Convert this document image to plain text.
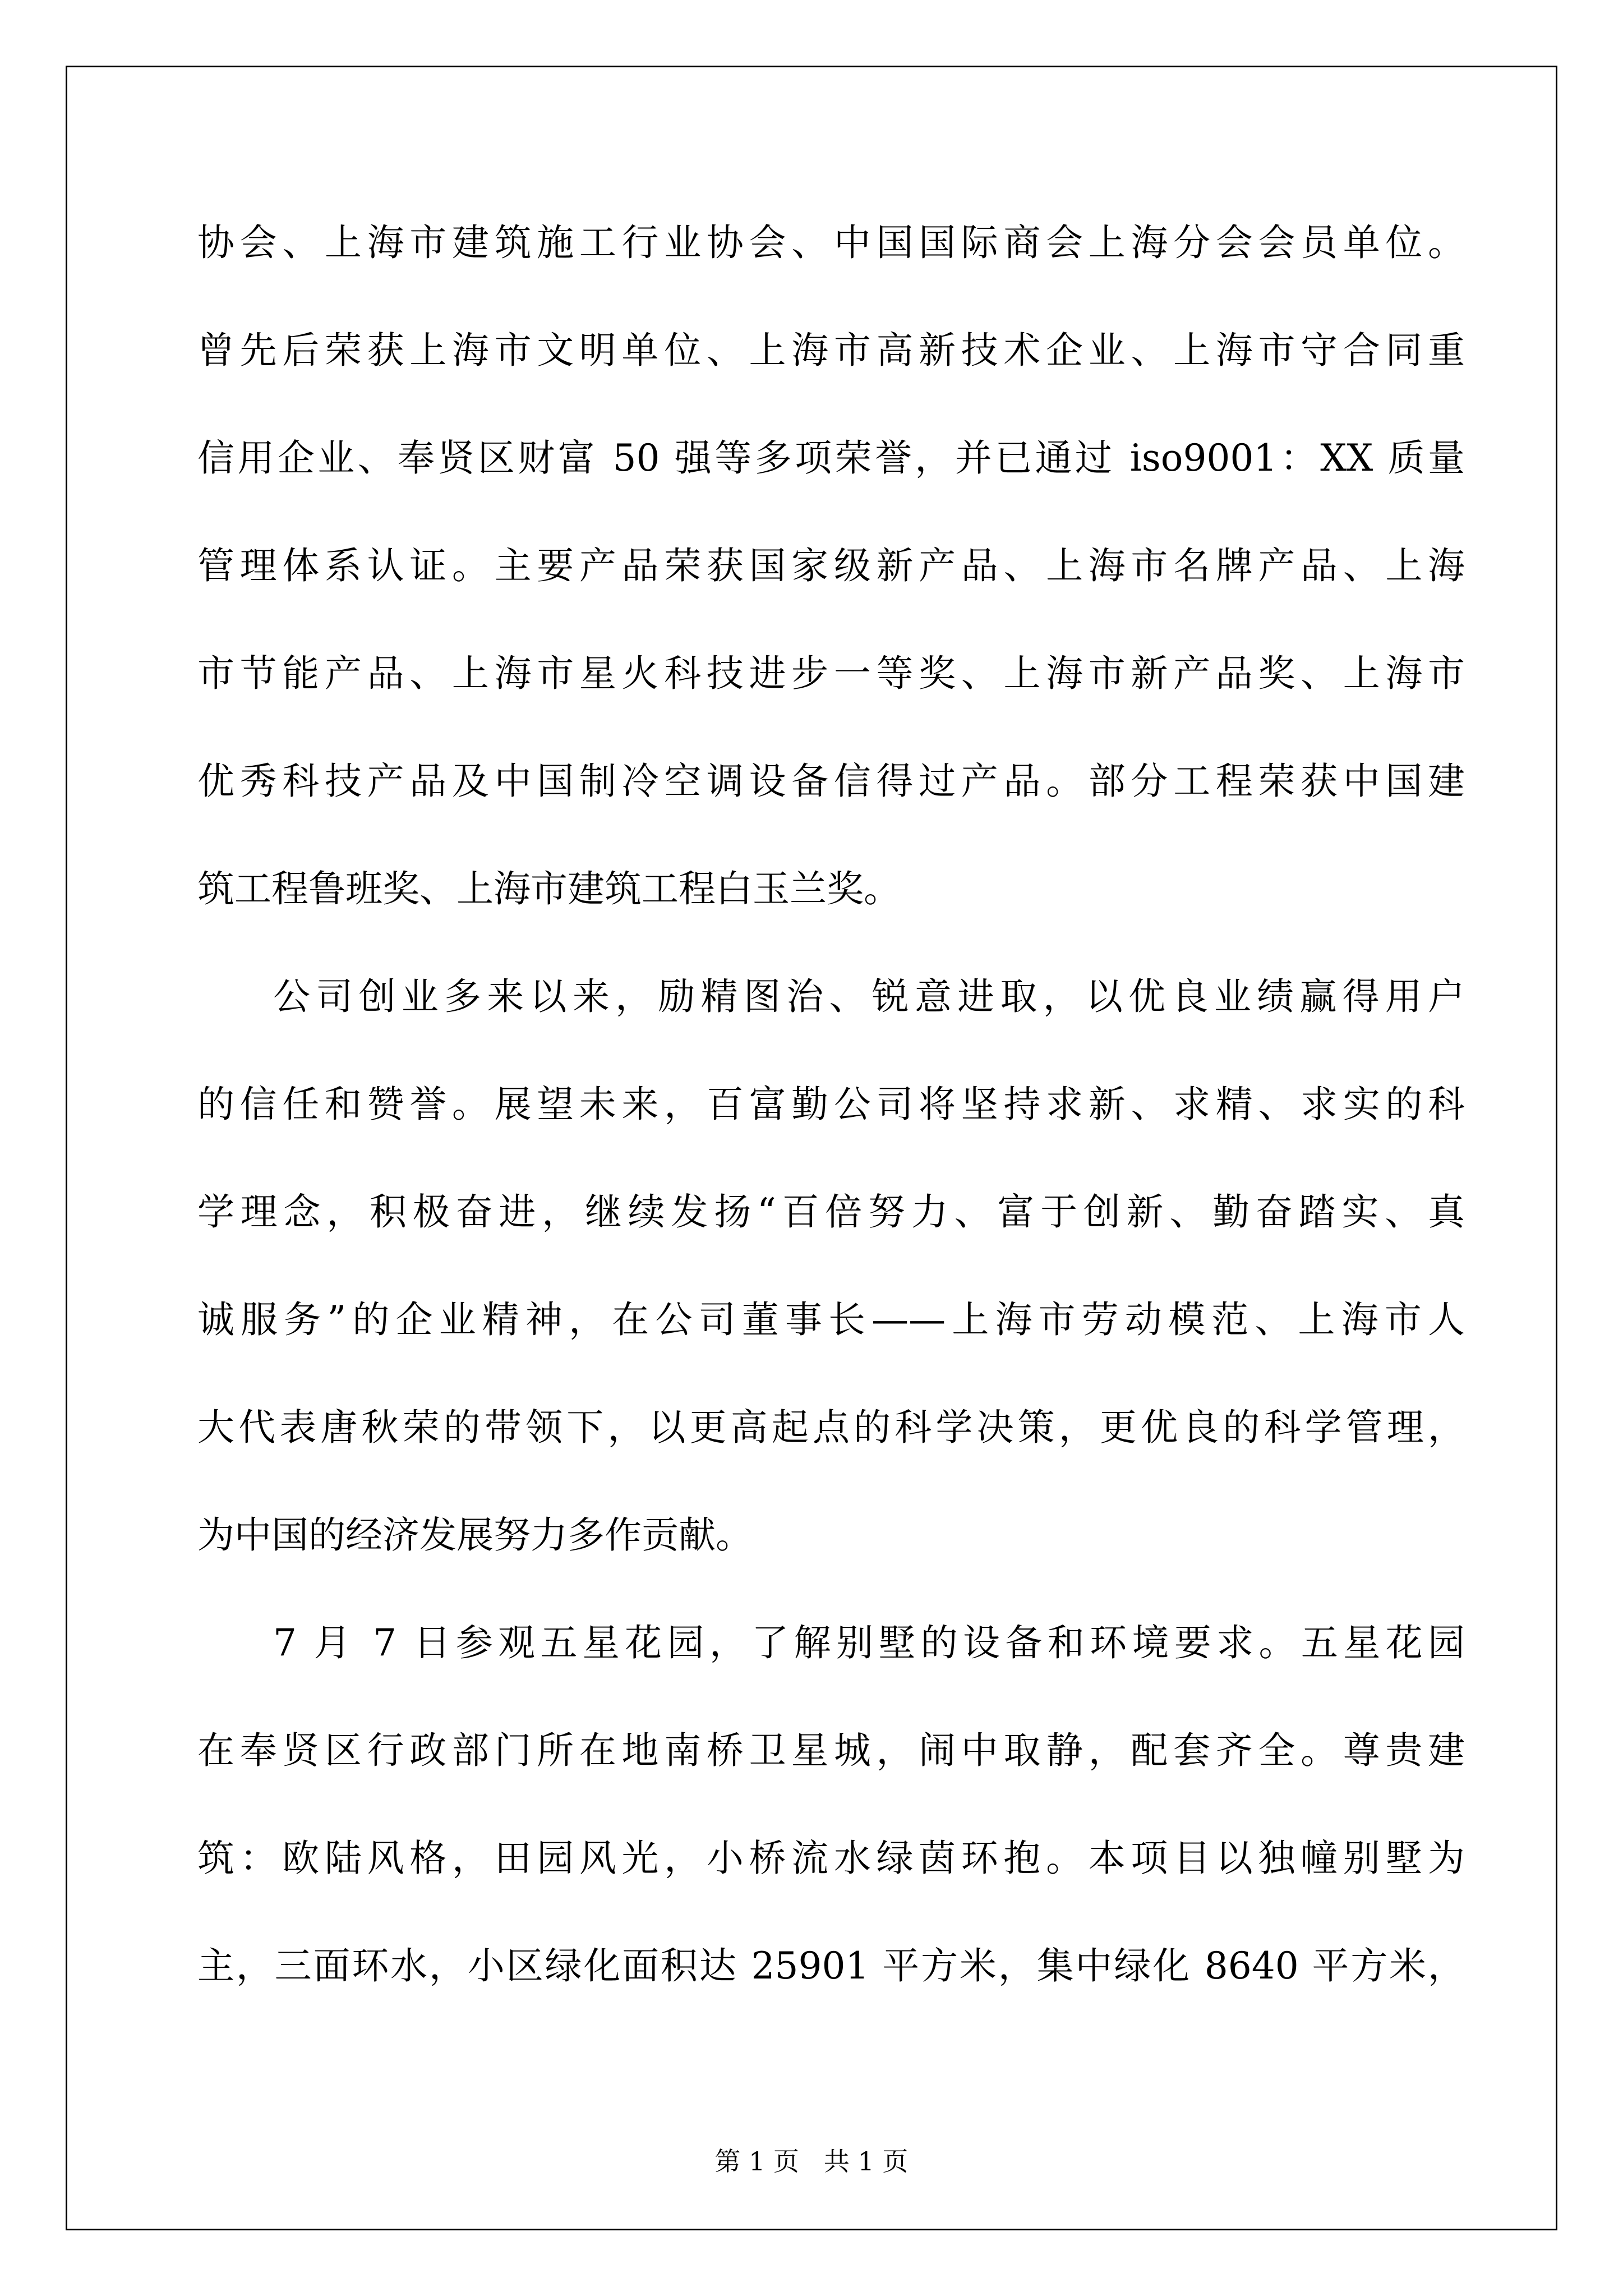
协会、上海市建筑施工行业协会、中国国际商会上海分会会员单位。
曾先后荣获上海市文明单位、上海市高新技术企业、上海市守合同重
信用企业、奉贤区财富 50 强等多项荣誉，并已通过 iso9001：XX 质量
管理体系认证。主要产品荣获国家级新产品、上海市名牌产品、上海
市节能产品、上海市星火科技进步一等奖、上海市新产品奖、上海市
优秀科技产品及中国制冷空调设备信得过产品。部分工程荣获中国建
筑工程鲁班奖、上海市建筑工程白玉兰奖。
公司创业多来以来，励精图治、锐意进取，以优良业绩赢得用户
的信任和赞誉。展望未来，百富勤公司将坚持求新、求精、求实的科
学理念，积极奋进，继续发扬“百倍努力、富于创新、勤奋踏实、真
诚服务”的企业精神，在公司董事长——上海市劳动模范、上海市人
大代表唐秋荣的带领下，以更高起点的科学决策，更优良的科学管理，
为中国的经济发展努力多作贡献。
7 月 7 日参观五星花园，了解别墅的设备和环境要求。五星花园
在奉贤区行政部门所在地南桥卫星城，闹中取静，配套齐全。尊贵建
筑：欧陆风格，田园风光，小桥流水绿茵环抱。本项目以独幢别墅为
主，三面环水，小区绿化面积达 25901 平方米，集中绿化 8640 平方米，
第 1 页   共 1 页
